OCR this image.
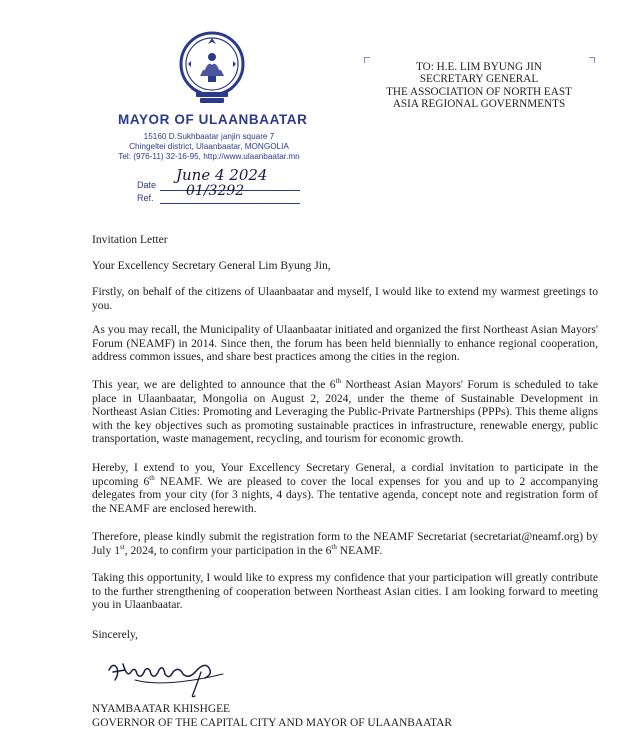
MAYOR OF ULAANBAATAR
15160 D.Sukhbaatar janjin square 7
Chingeltei district, Ulaanbaatar, MONGOLIA
Tel: (976-11) 32-16-95, http://www.ulaanbaatar.mn
Date
June 4 2024
Ref. 01/3292
TO: H.E. LIM BYUNG JIN
SECRETARY GENERAL
THE ASSOCIATION OF NORTH EAST
ASIA REGIONAL GOVERNMENTS
Invitation Letter
Your Excellency Secretary General Lim Byung Jin,
Firstly, on behalf of the citizens of Ulaanbaatar and myself, I would like to extend my warmest greetings to you.
As you may recall, the Municipality of Ulaanbaatar initiated and organized the first Northeast Asian Mayors' Forum (NEAMF) in 2014. Since then, the forum has been held biennially to enhance regional cooperation, address common issues, and share best practices among the cities in the region.
This year, we are delighted to announce that the 6th Northeast Asian Mayors' Forum is scheduled to take place in Ulaanbaatar, Mongolia on August 2, 2024, under the theme of Sustainable Development in Northeast Asian Cities: Promoting and Leveraging the Public-Private Partnerships (PPPs). This theme aligns with the key objectives such as promoting sustainable practices in infrastructure, renewable energy, public transportation, waste management, recycling, and tourism for economic growth.
Hereby, I extend to you, Your Excellency Secretary General, a cordial invitation to participate in the upcoming 6th NEAMF. We are pleased to cover the local expenses for you and up to 2 accompanying delegates from your city (for 3 nights, 4 days). The tentative agenda, concept note and registration form of the NEAMF are enclosed herewith.
Therefore, please kindly submit the registration form to the NEAMF Secretariat (secretariat@neamf.org) by July 1st, 2024, to confirm your participation in the 6th NEAMF.
Taking this opportunity, I would like to express my confidence that your participation will greatly contribute to the further strengthening of cooperation between Northeast Asian cities. I am looking forward to meeting you in Ulaanbaatar.
Sincerely,
NYAMBAATAR KHISHGEE
GOVERNOR OF THE CAPITAL CITY AND MAYOR OF ULAANBAATAR
